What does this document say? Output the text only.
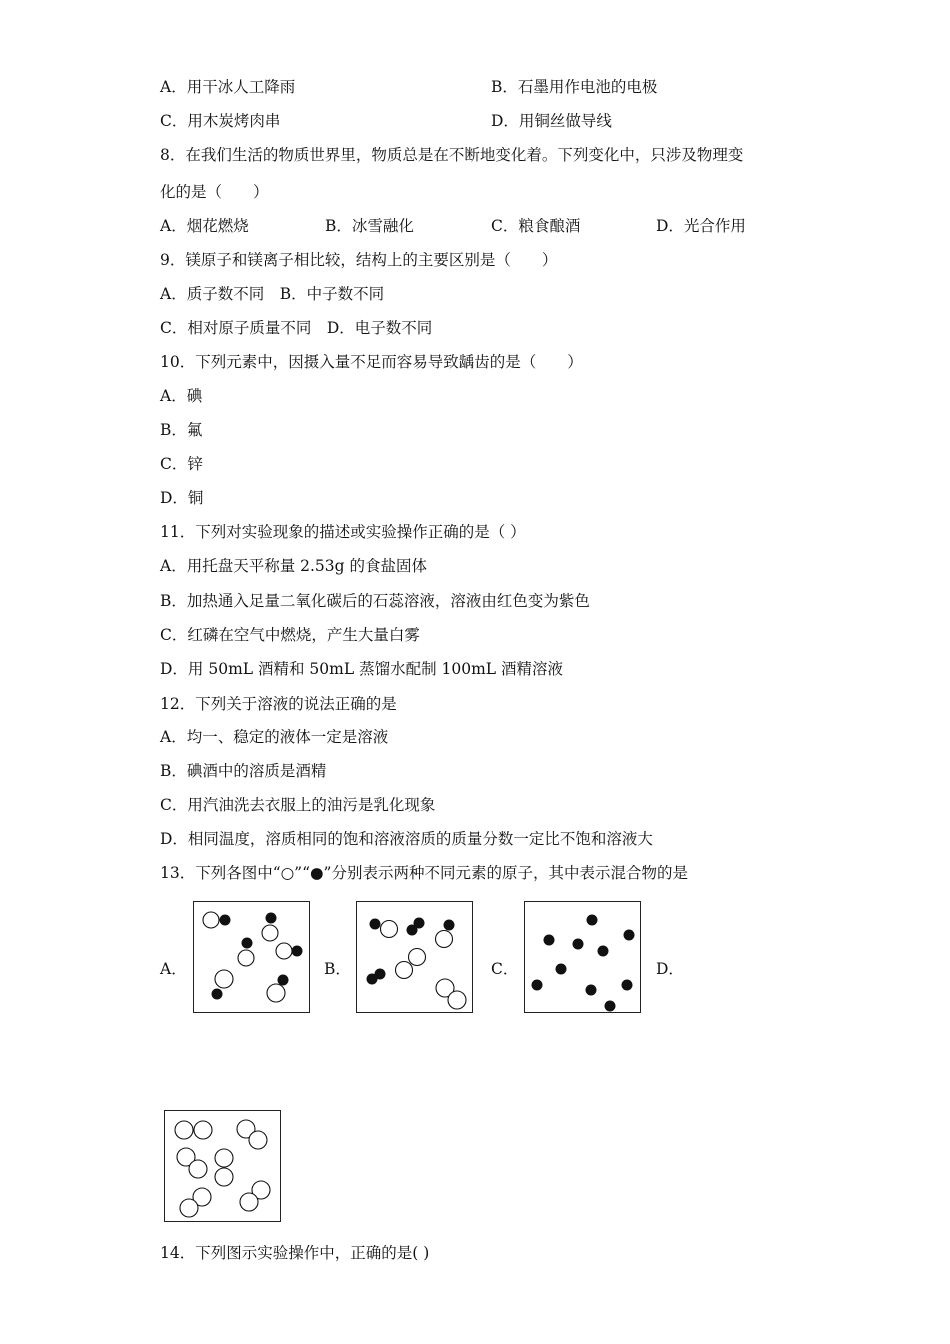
A．用干冰人工降雨	B．石墨用作电池的电极
C．用木炭烤肉串	D．用铜丝做导线
8．在我们生活的物质世界里，物质总是在不断地变化着。下列变化中，只涉及物理变
化的是（　　）
A．烟花燃烧	B．冰雪融化	C．粮食酿酒	D．光合作用
9．镁原子和镁离子相比较，结构上的主要区别是（　　）
A．质子数不同　B．中子数不同
C．相对原子质量不同　D．电子数不同
10．下列元素中，因摄入量不足而容易导致龋齿的是（　　）
A．碘
B．氟
C．锌
D．铜
11．下列对实验现象的描述或实验操作正确的是（ ）
A．用托盘天平称量 2.53g 的食盐固体
B．加热通入足量二氧化碳后的石蕊溶液，溶液由红色变为紫色
C．红磷在空气中燃烧，产生大量白雾
D．用 50mL 酒精和 50mL 蒸馏水配制 100mL 酒精溶液
12．下列关于溶液的说法正确的是
A．均一、稳定的液体一定是溶液
B．碘酒中的溶质是酒精
C．用汽油洗去衣服上的油污是乳化现象
D．相同温度，溶质相同的饱和溶液溶质的质量分数一定比不饱和溶液大
13．下列各图中“○”“●”分别表示两种不同元素的原子，其中表示混合物的是
A．	B．	C．	D．
14．下列图示实验操作中，正确的是( )
